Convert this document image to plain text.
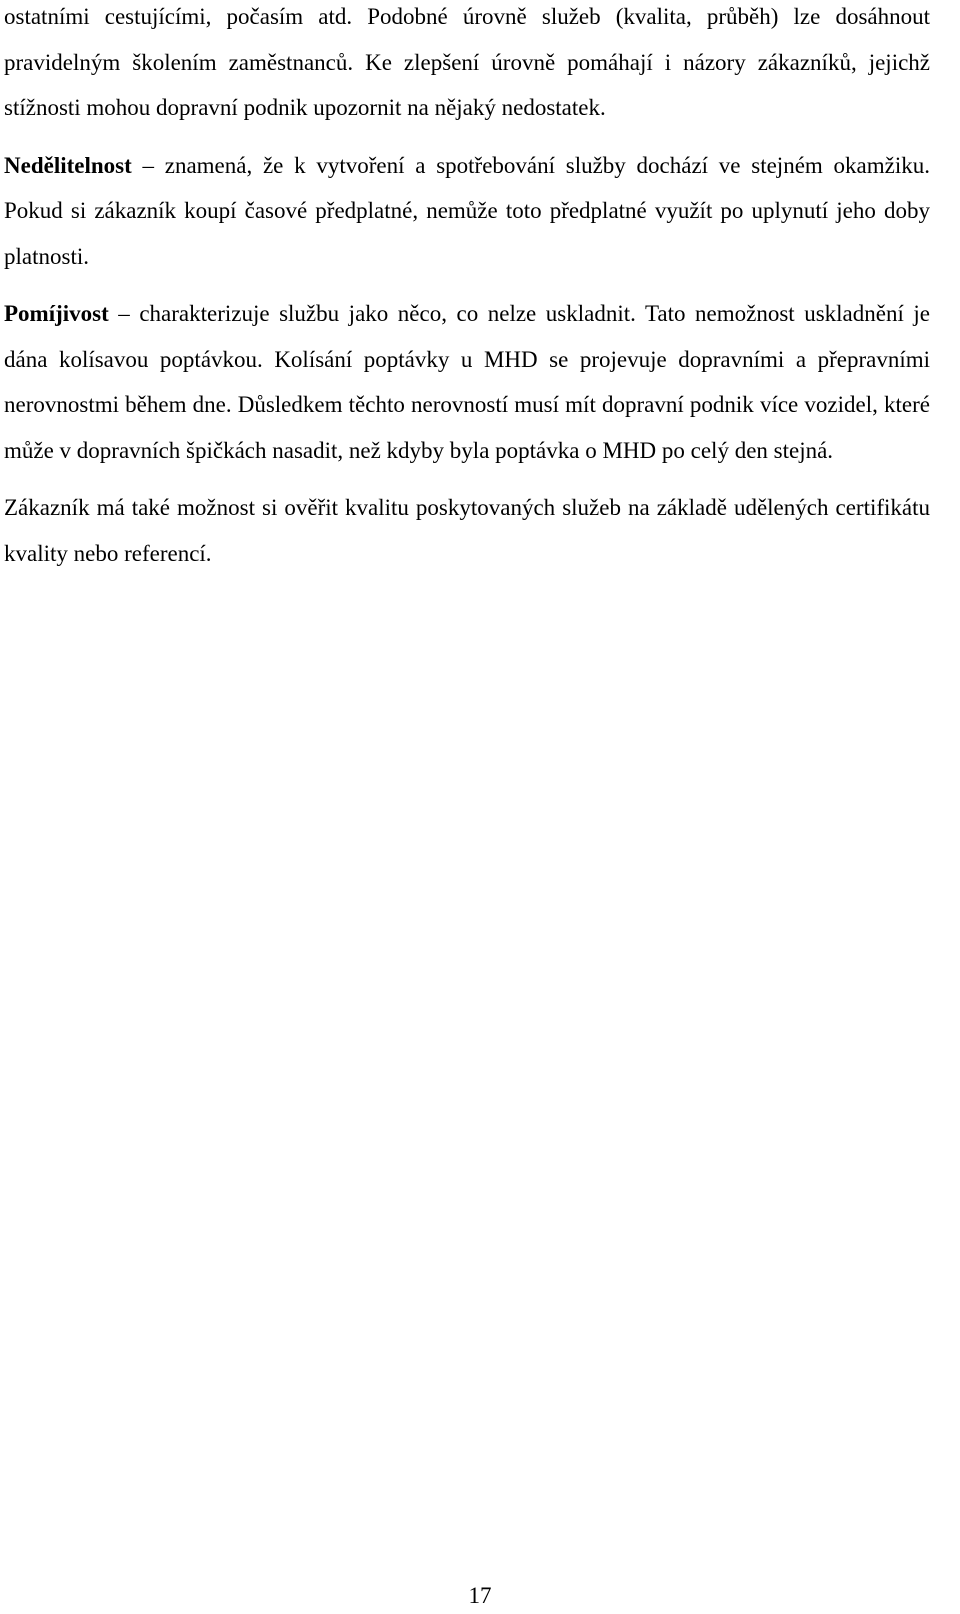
ostatními cestujícími, počasím atd. Podobné úrovně služeb (kvalita, průběh) lze dosáhnout pravidelným školením zaměstnanců. Ke zlepšení úrovně pomáhají i názory zákazníků, jejichž stížnosti mohou dopravní podnik upozornit na nějaký nedostatek.

Nedělitelnost – znamená, že k vytvoření a spotřebování služby dochází ve stejném okamžiku. Pokud si zákazník koupí časové předplatné, nemůže toto předplatné využít po uplynutí jeho doby platnosti.

Pomíjivost – charakterizuje službu jako něco, co nelze uskladnit. Tato nemožnost uskladnění je dána kolísavou poptávkou. Kolísání poptávky u MHD se projevuje dopravními a přepravními nerovnostmi během dne. Důsledkem těchto nerovností musí mít dopravní podnik více vozidel, které může v dopravních špičkách nasadit, než kdyby byla poptávka o MHD po celý den stejná.

Zákazník má také možnost si ověřit kvalitu poskytovaných služeb na základě udělených certifikátu kvality nebo referencí.

17
